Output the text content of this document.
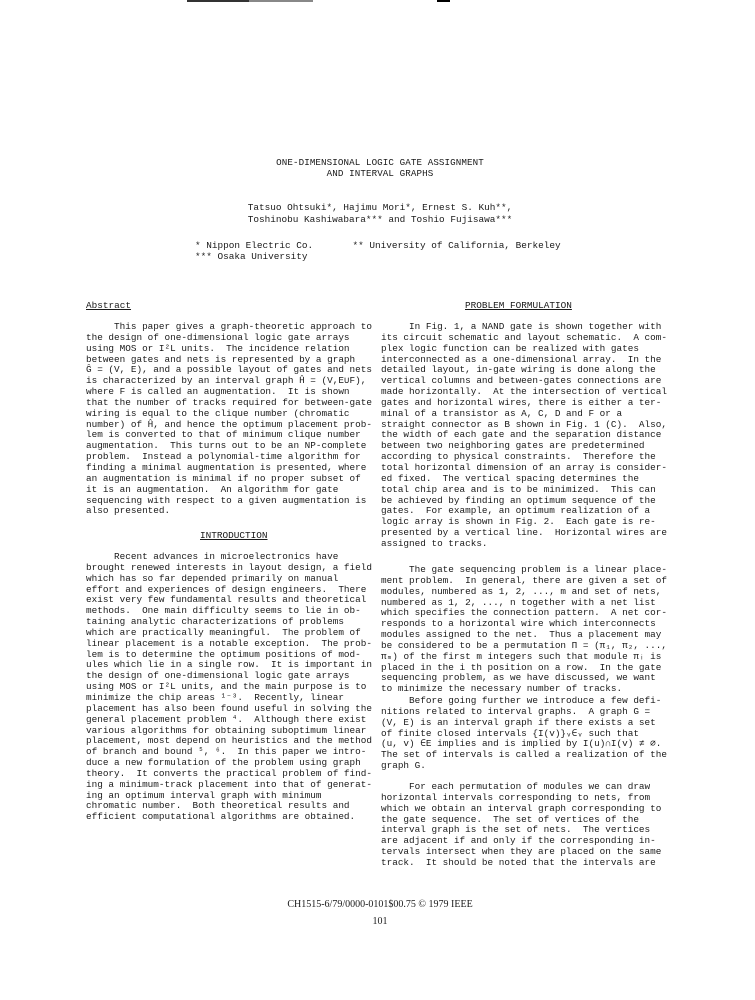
ONE-DIMENSIONAL LOGIC GATE ASSIGNMENT
AND INTERVAL GRAPHS
Tatsuo Ohtsuki*, Hajimu Mori*, Ernest S. Kuh**,
Toshinobu Kashiwabara*** and Toshio Fujisawa***
* Nippon Electric Co.       ** University of California, Berkeley
*** Osaka University
Abstract
This paper gives a graph-theoretic approach to
the design of one-dimensional logic gate arrays
using MOS or I²L units.  The incidence relation
between gates and nets is represented by a graph
Ĝ = (V, E), and a possible layout of gates and nets
is characterized by an interval graph Ĥ = (V,E∪F),
where F is called an augmentation.  It is shown
that the number of tracks required for between-gate
wiring is equal to the clique number (chromatic
number) of Ĥ, and hence the optimum placement prob-
lem is converted to that of minimum clique number
augmentation.  This turns out to be an NP-complete
problem.  Instead a polynomial-time algorithm for
finding a minimal augmentation is presented, where
an augmentation is minimal if no proper subset of
it is an augmentation.  An algorithm for gate
sequencing with respect to a given augmentation is
also presented.
INTRODUCTION
Recent advances in microelectronics have
brought renewed interests in layout design, a field
which has so far depended primarily on manual
effort and experiences of design engineers.  There
exist very few fundamental results and theoretical
methods.  One main difficulty seems to lie in ob-
taining analytic characterizations of problems
which are practically meaningful.  The problem of
linear placement is a notable exception.  The prob-
lem is to determine the optimum positions of mod-
ules which lie in a single row.  It is important in
the design of one-dimensional logic gate arrays
using MOS or I²L units, and the main purpose is to
minimize the chip areas ¹⁻³.  Recently, linear
placement has also been found useful in solving the
general placement problem ⁴.  Although there exist
various algorithms for obtaining suboptimum linear
placement, most depend on heuristics and the method
of branch and bound ⁵, ⁶.  In this paper we intro-
duce a new formulation of the problem using graph
theory.  It converts the practical problem of find-
ing a minimum-track placement into that of generat-
ing an optimum interval graph with minimum
chromatic number.  Both theoretical results and
efficient computational algorithms are obtained.
PROBLEM FORMULATION
In Fig. 1, a NAND gate is shown together with
its circuit schematic and layout schematic.  A com-
plex logic function can be realized with gates
interconnected as a one-dimensional array.  In the
detailed layout, in-gate wiring is done along the
vertical columns and between-gates connections are
made horizontally.  At the intersection of vertical
gates and horizontal wires, there is either a ter-
minal of a transistor as A, C, D and F or a
straight connector as B shown in Fig. 1 (C).  Also,
the width of each gate and the separation distance
between two neighboring gates are predetermined
according to physical constraints.  Therefore the
total horizontal dimension of an array is consider-
ed fixed.  The vertical spacing determines the
total chip area and is to be minimized.  This can
be achieved by finding an optimum sequence of the
gates.  For example, an optimum realization of a
logic array is shown in Fig. 2.  Each gate is re-
presented by a vertical line.  Horizontal wires are
assigned to tracks.
The gate sequencing problem is a linear place-
ment problem.  In general, there are given a set of
modules, numbered as 1, 2, ..., m and set of nets,
numbered as 1, 2, ..., n together with a net list
which specifies the connection pattern.  A net cor-
responds to a horizontal wire which interconnects
modules assigned to the net.  Thus a placement may
be considered to be a permutation Π = (π₁, π₂, ...,
πₘ) of the first m integers such that module πᵢ is
placed in the i th position on a row.  In the gate
sequencing problem, as we have discussed, we want
to minimize the necessary number of tracks.
Before going further we introduce a few defi-
nitions related to interval graphs.  A graph G =
(V, E) is an interval graph if there exists a set
of finite closed intervals {I(v)}ᵥ∈ᵥ such that
(u, v) ∈E implies and is implied by I(u)∩I(v) ≠ ∅.
The set of intervals is called a realization of the
graph G.
For each permutation of modules we can draw
horizontal intervals corresponding to nets, from
which we obtain an interval graph corresponding to
the gate sequence.  The set of vertices of the
interval graph is the set of nets.  The vertices
are adjacent if and only if the corresponding in-
tervals intersect when they are placed on the same
track.  It should be noted that the intervals are
CH1515-6/79/0000-0101$00.75 © 1979 IEEE
101
